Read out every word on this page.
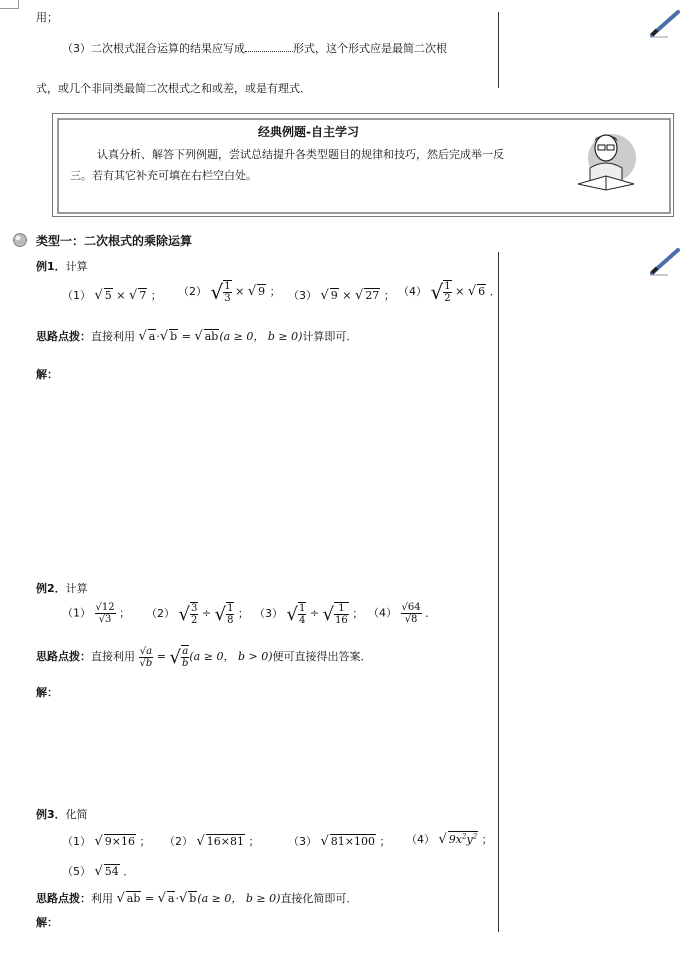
用；
（3）二次根式混合运算的结果应写成	形式，这个形式应是最简二次根
式，或几个非同类最简二次根式之和或差，或是有理式．
经典例题-自主学习
认真分析、解答下列例题，尝试总结提升各类型题目的规律和技巧，然后完成举一反
三。若有其它补充可填在右栏空白处。
类型一：二次根式的乘除运算
例1．计算
（1） √ 5 × √ 7 ； （2） √ $\frac{1}{3}$ × √ 9 ； （3） √ 9 × √ 27 ； （4） √ $\frac{1}{2}$ × √ 6 ．
思路点拨：直接利用 √ a·√ b = √ ab(a ≥ 0， b ≥ 0)计算即可．
解：
例2．计算
$(1) \frac{√12}{√3}$ ； （2） √ $\frac{3}{2}$ ÷ √ $\frac{1}{8}$ ； （3） √ $\frac{1}{4}$ ÷ √ $\frac{1}{16}$ ； $(4) \frac{√64}{√8}$ ．
思路点拨：直接利用 $\frac{√a}{√b}$ = √ $\frac{a}{b} (a \ge 0$， b > 0)便可直接得出答案．
解：
例3．化简
（1） √ 9×16 ； （2） √ 16×81 ；	（3） √ 81×100 ； （4） √ $9x^2y^2$ ；
（5） √ 54 ．
思路点拨：利用 √ ab = √ a·√ b(a ≥ 0， b ≥ 0)直接化简即可．
解：
